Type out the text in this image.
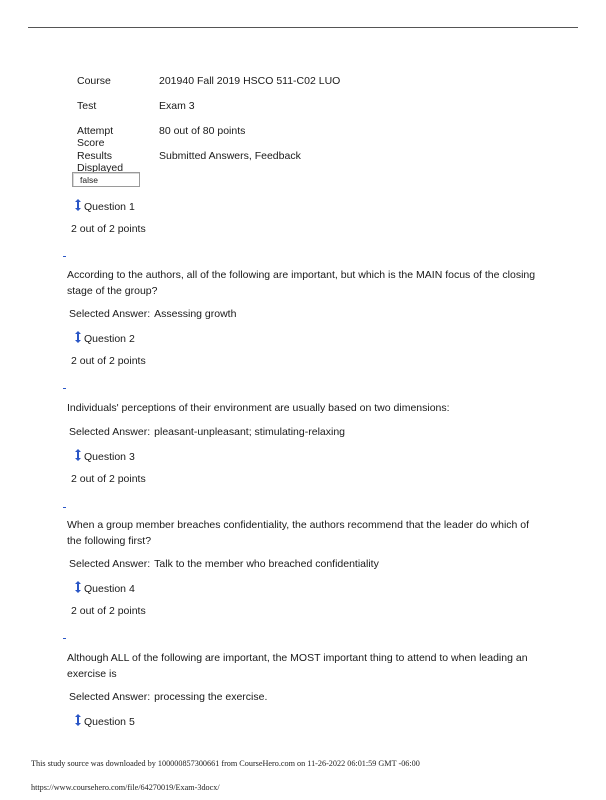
Course	201940 Fall 2019 HSCO 511-C02 LUO
Test	Exam 3
Attempt Score
80 out of 80 points
Results Displayed
Submitted Answers, Feedback
false
Question 1
2 out of 2 points
According to the authors, all of the following are important, but which is the MAIN focus of the closing stage of the group?
Selected Answer: Assessing growth
Question 2
2 out of 2 points
Individuals' perceptions of their environment are usually based on two dimensions:
Selected Answer: pleasant-unpleasant; stimulating-relaxing
Question 3
2 out of 2 points
When a group member breaches confidentiality, the authors recommend that the leader do which of the following first?
Selected Answer: Talk to the member who breached confidentiality
Question 4
2 out of 2 points
Although ALL of the following are important, the MOST important thing to attend to when leading an exercise is
Selected Answer: processing the exercise.
Question 5
This study source was downloaded by 100000857300661 from CourseHero.com on 11-26-2022 06:01:59 GMT -06:00
https://www.coursehero.com/file/64270019/Exam-3docx/
